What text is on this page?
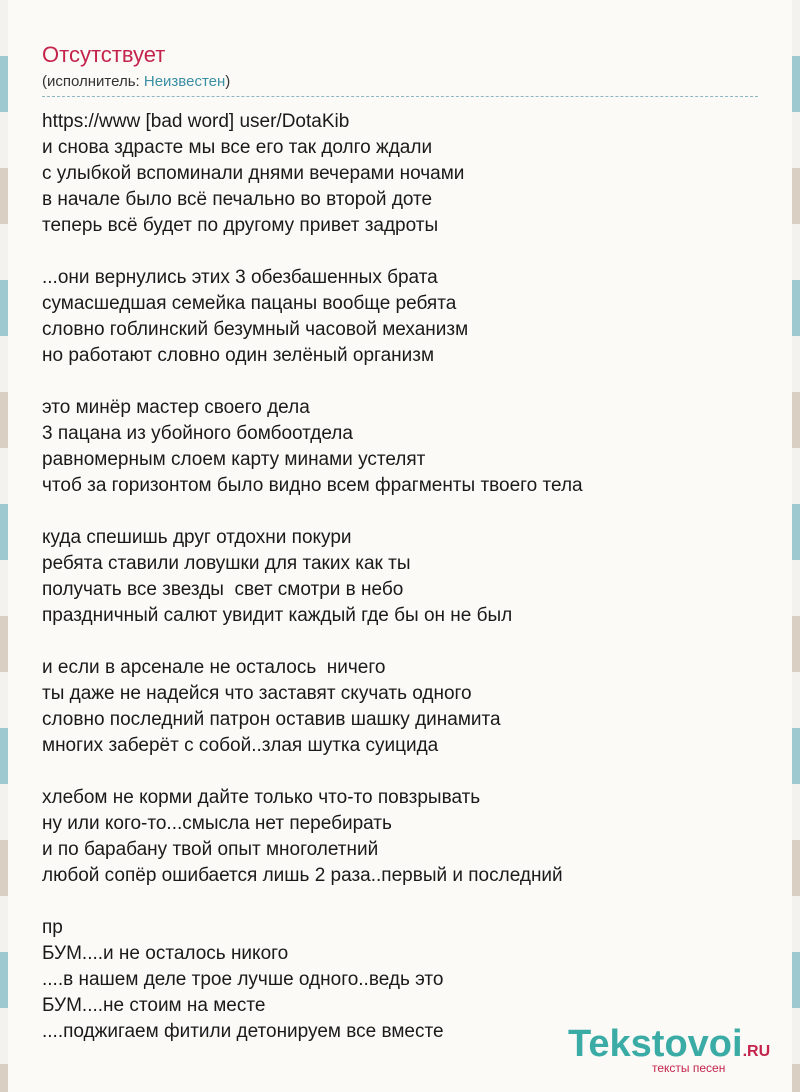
Отсутствует
(исполнитель: Неизвестен)
https://www [bad word] user/DotaKib
и снова здрасте мы все его так долго ждали
с улыбкой вспоминали днями вечерами ночами
в начале было всё печально во второй доте
теперь всё будет по другому привет задроты
...они вернулись этих 3 обезбашенных брата
сумасшедшая семейка пацаны вообще ребята
словно гоблинский безумный часовой механизм
но работают словно один зелёный организм
это минёр мастер своего дела
3 пацана из убойного бомбоотдела
равномерным слоем карту минами устелят
чтоб за горизонтом было видно всем фрагменты твоего тела
куда спешишь друг отдохни покури
ребята ставили ловушки для таких как ты
получать все звезды  свет смотри в небо
праздничный салют увидит каждый где бы он не был
и если в арсенале не осталось  ничего
ты даже не надейся что заставят скучать одного
словно последний патрон оставив шашку динамита
многих заберёт с собой..злая шутка суицида
хлебом не корми дайте только что-то повзрывать
ну или кого-то...смысла нет перебирать
и по барабану твой опыт многолетний
любой сопёр ошибается лишь 2 раза..первый и последний
пр
БУМ....и не осталось никого
....в нашем деле трое лучше одного..ведь это
БУМ....не стоим на месте
....поджигаем фитили детонируем все вместе	Tekstovoi.RU
тексты песен
